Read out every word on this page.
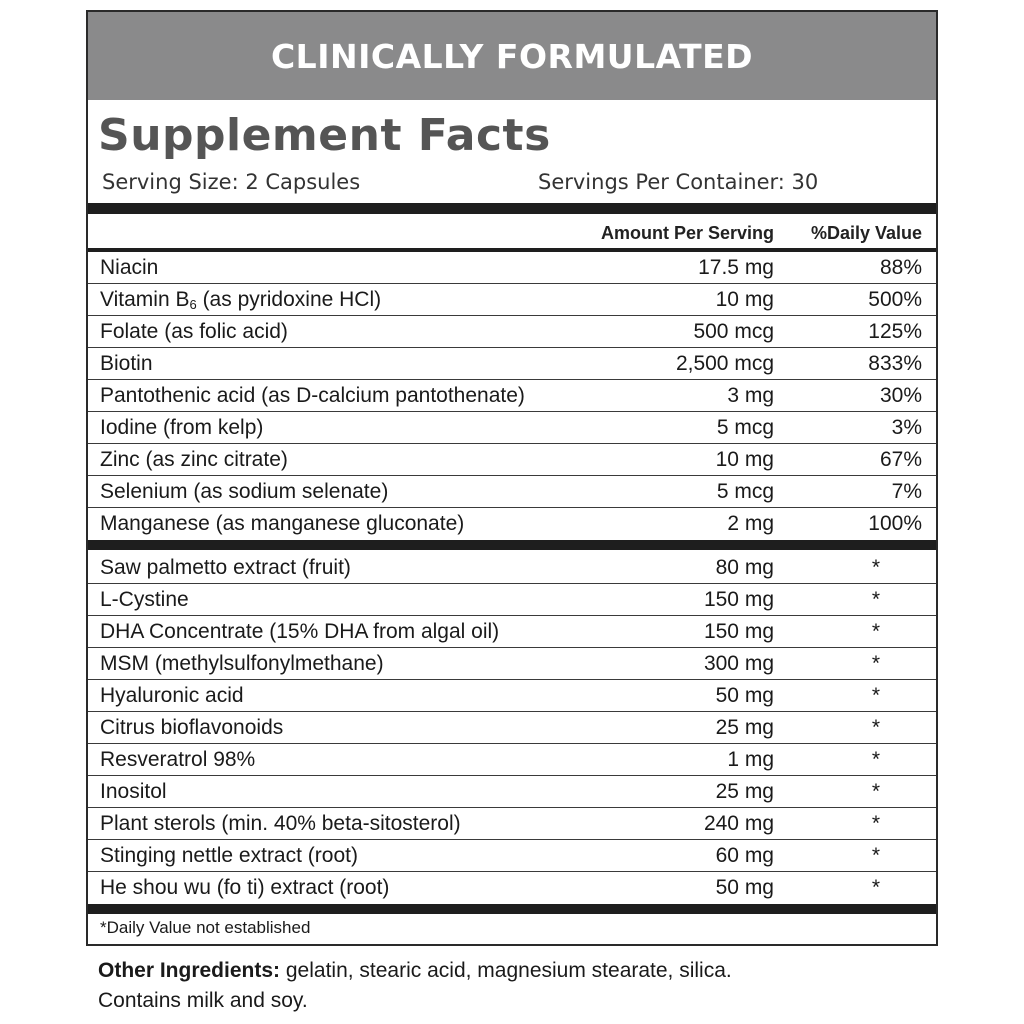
CLINICALLY FORMULATED
Supplement Facts
Serving Size: 2 Capsules	Servings Per Container: 30
Amount Per Serving %Daily Value
Niacin	17.5 mg	88%
Vitamin $B_6$ (as pyridoxine HCl)	10 mg	500%
Folate (as folic acid)	500 mcg	125%
Biotin	2,500 mcg	833%
Pantothenic acid (as D-calcium pantothenate)	3 mg	30%
Iodine (from kelp)	5 mcg	3%
Zinc (as zinc citrate)	10 mg	67%
Selenium (as sodium selenate)	5 mcg	7%
Manganese (as manganese gluconate)	2 mg	100%
Saw palmetto extract (fruit)	80 mg	*
L-Cystine	150 mg	*
DHA Concentrate (15% DHA from algal oil)	150 mg	*
MSM (methylsulfonylmethane)	300 mg	*
Hyaluronic acid	50 mg	*
Citrus bioflavonoids	25 mg	*
Resveratrol 98%	1 mg	*
Inositol	25 mg	*
Plant sterols (min. 40% beta-sitosterol)	240 mg	*
Stinging nettle extract (root)	60 mg	*
He shou wu (fo ti) extract (root)	50 mg	*
*Daily Value not established
Other Ingredients: gelatin, stearic acid, magnesium stearate, silica.
Contains milk and soy.
